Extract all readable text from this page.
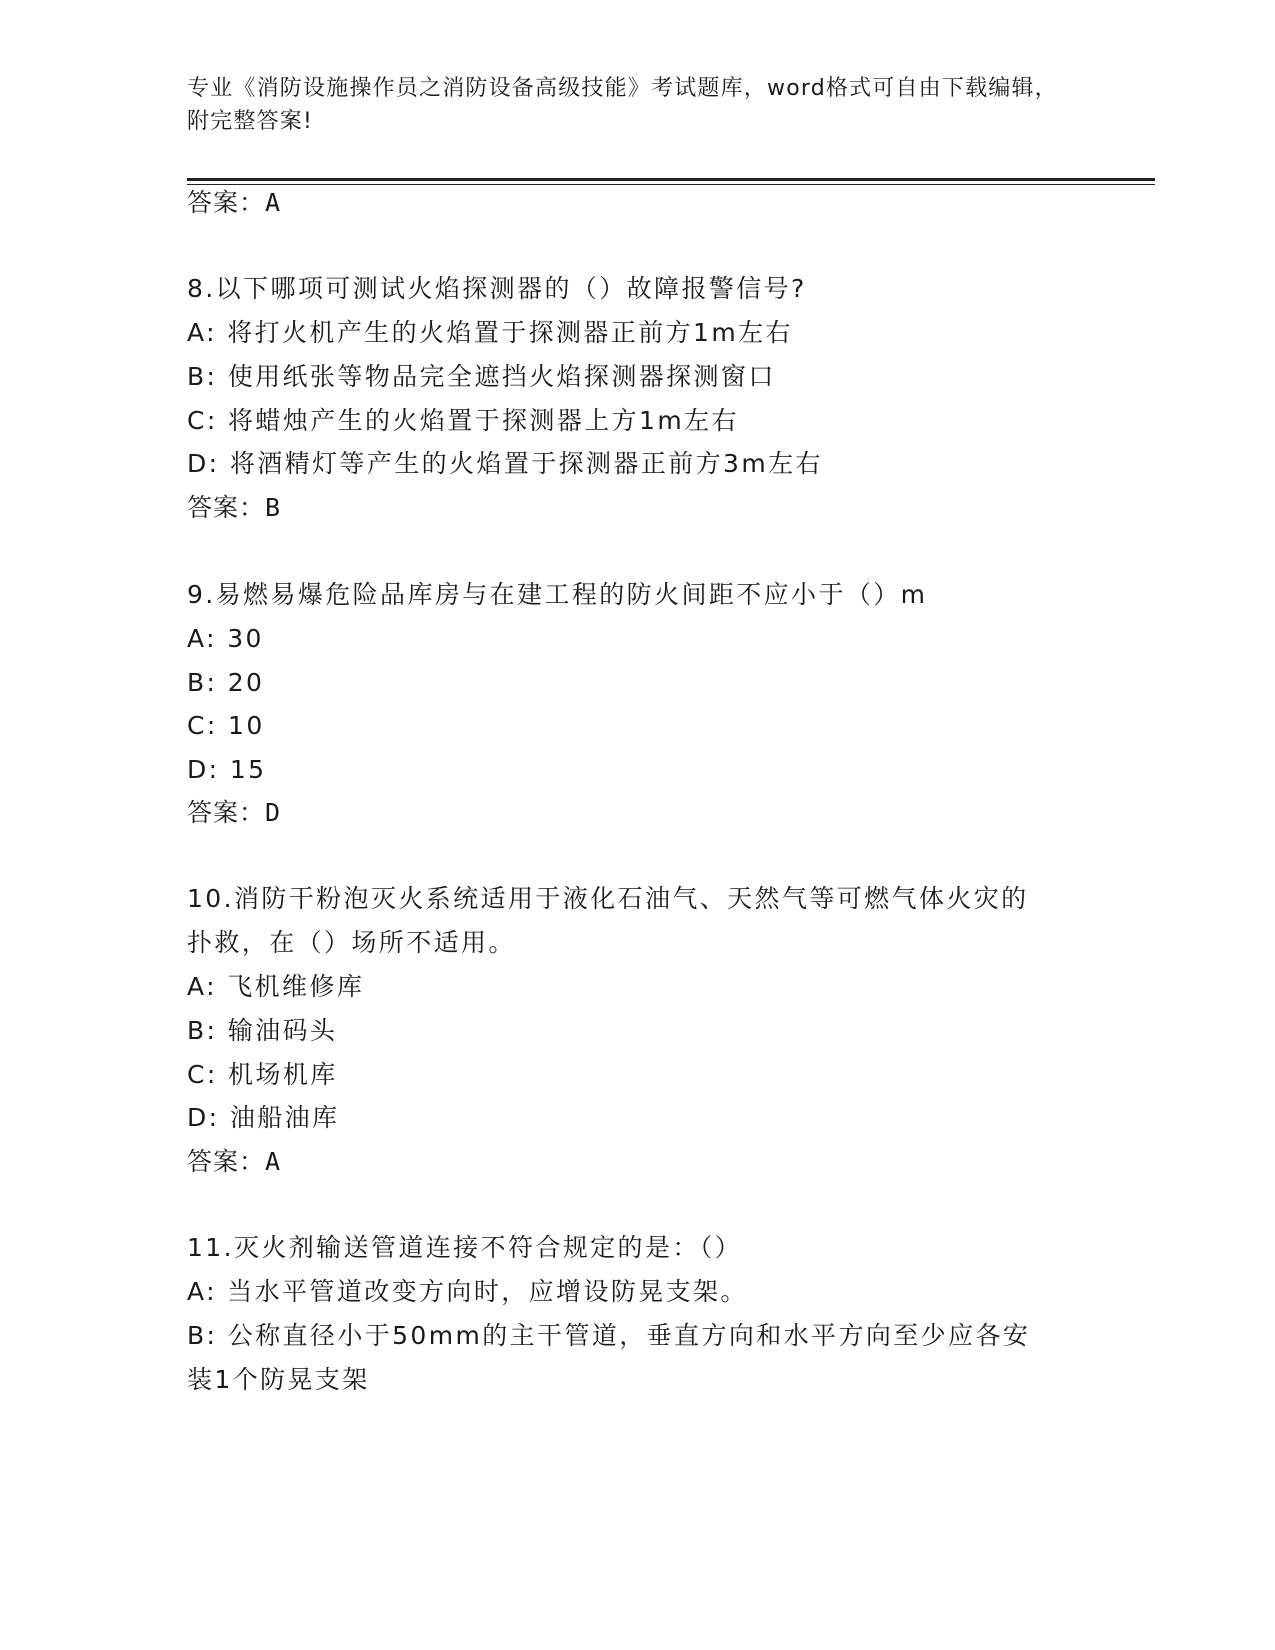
专业《消防设施操作员之消防设备高级技能》考试题库，word格式可自由下载编辑，附完整答案!
答案：A
8.以下哪项可测试火焰探测器的（）故障报警信号?
A: 将打火机产生的火焰置于探测器正前方1m左右
B: 使用纸张等物品完全遮挡火焰探测器探测窗口
C: 将蜡烛产生的火焰置于探测器上方1m左右
D: 将酒精灯等产生的火焰置于探测器正前方3m左右
答案：B
9.易燃易爆危险品库房与在建工程的防火间距不应小于（）m
A: 30
B: 20
C: 10
D: 15
答案：D
10.消防干粉泡灭火系统适用于液化石油气、天然气等可燃气体火灾的
扑救，在（）场所不适用。
A: 飞机维修库
B: 输油码头
C: 机场机库
D: 油船油库
答案：A
11.灭火剂输送管道连接不符合规定的是：（）
A: 当水平管道改变方向时，应增设防晃支架。
B: 公称直径小于50mm的主干管道，垂直方向和水平方向至少应各安
装1个防晃支架
